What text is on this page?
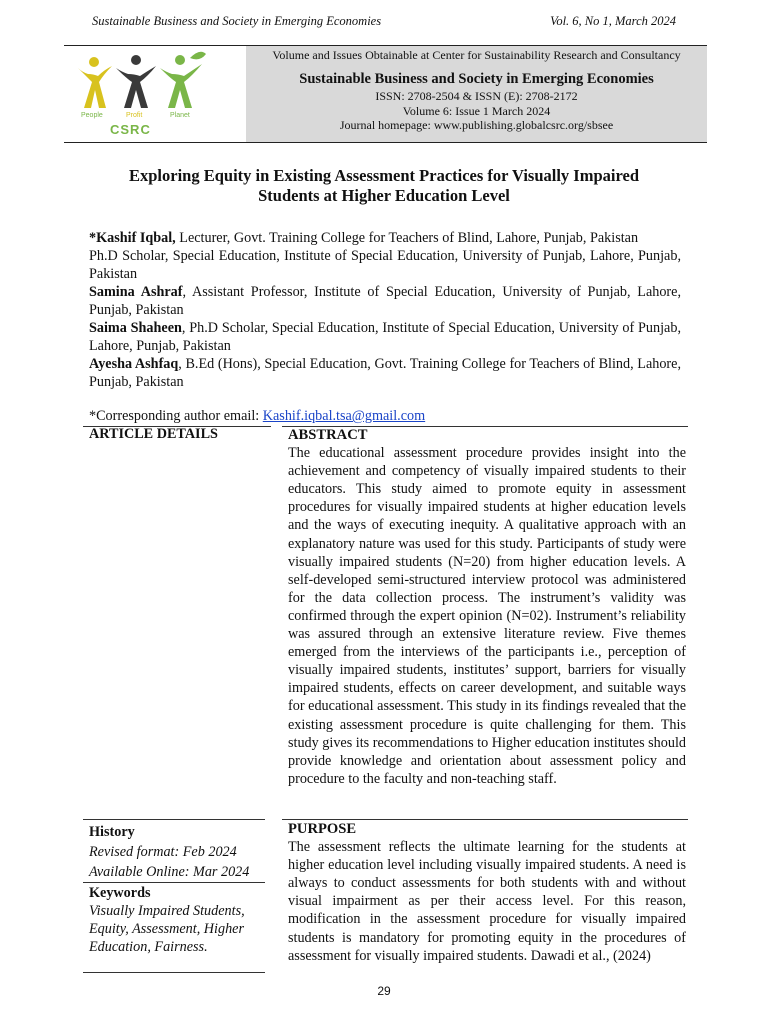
Sustainable Business and Society in Emerging Economies	Vol. 6, No 1, March 2024
People	Profit	Planet
CSRC
Volume and Issues Obtainable at Center for Sustainability Research and Consultancy
Sustainable Business and Society in Emerging Economies
ISSN: 2708-2504 & ISSN (E): 2708-2172
Volume 6: Issue 1 March 2024
Journal homepage: www.publishing.globalcsrc.org/sbsee
Exploring Equity in Existing Assessment Practices for Visually Impaired
Students at Higher Education Level

*Kashif Iqbal, Lecturer, Govt. Training College for Teachers of Blind, Lahore, Punjab, Pakistan

Ph.D Scholar, Special Education, Institute of Special Education, University of Punjab, Lahore, Punjab, Pakistan

Samina Ashraf, Assistant Professor, Institute of Special Education, University of Punjab, Lahore, Punjab, Pakistan

Saima Shaheen, Ph.D Scholar, Special Education, Institute of Special Education, University of Punjab, Lahore, Punjab, Pakistan

Ayesha Ashfaq, B.Ed (Hons), Special Education, Govt. Training College for Teachers of Blind, Lahore, Punjab, Pakistan

*Corresponding author email: Kashif.iqbal.tsa@gmail.com
ARTICLE DETAILS	ABSTRACT

The educational assessment procedure provides insight into the achievement and competency of visually impaired students to their educators. This study aimed to promote equity in assessment procedures for visually impaired students at higher education levels and the ways of executing inequity. A qualitative approach with an explanatory nature was used for this study. Participants of study were visually impaired students (N=20) from higher education levels. A self-developed semi-structured interview protocol was administered for the data collection process. The instrument’s validity was confirmed through the expert opinion (N=02). Instrument’s reliability was assured through an extensive literature review. Five themes emerged from the interviews of the participants i.e., perception of visually impaired students, institutes’ support, barriers for visually impaired students, effects on career development, and suitable ways for educational assessment. This study in its findings revealed that the existing assessment procedure is quite challenging for them. This study gives its recommendations to Higher education institutes should provide knowledge and orientation about assessment policy and procedure to the faculty and non-teaching staff.

History
Revised format: Feb 2024
Available Online: Mar 2024
Keywords
Visually Impaired Students, Equity, Assessment, Higher Education, Fairness.
PURPOSE

The assessment reflects the ultimate learning for the students at higher education level including visually impaired students. A need is always to conduct assessments for both students with and without visual impairment as per their access level. For this reason, modification in the assessment procedure for visually impaired students is mandatory for promoting equity in the procedures of assessment for visually impaired students. Dawadi et al., (2024)

29
